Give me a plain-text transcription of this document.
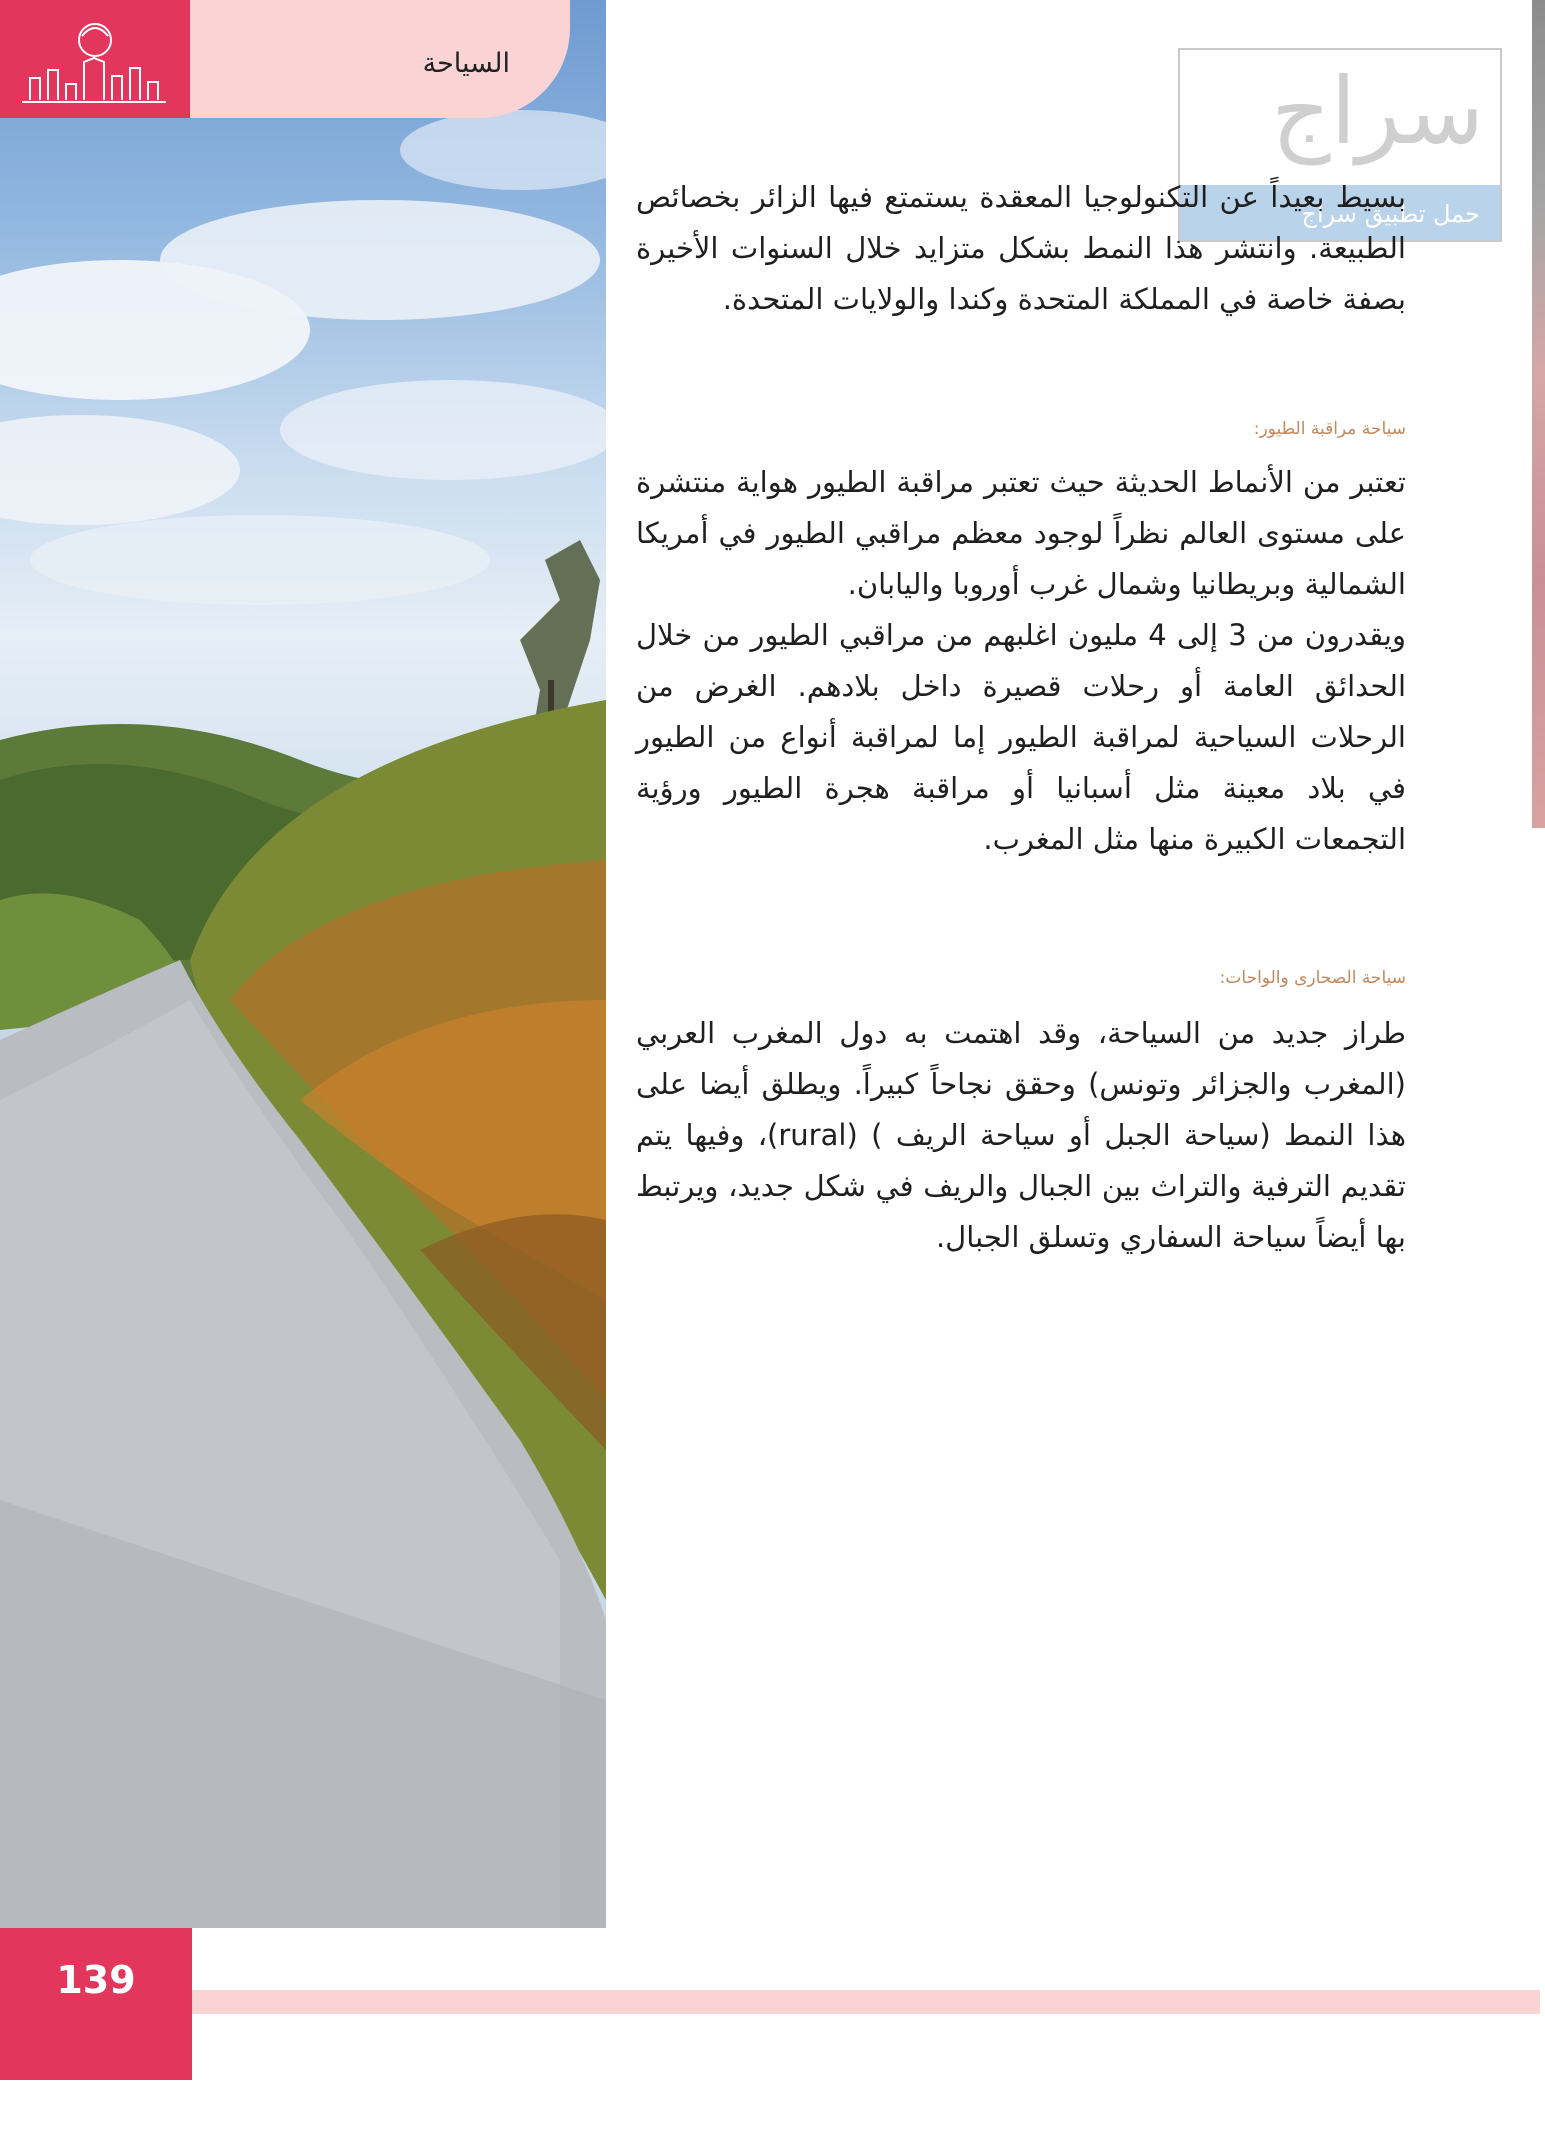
السياحة	سراج
حمل تطبيق سراج

بسيط بعيداً عن التكنولوجيا المعقدة يستمتع فيها الزائر بخصائص الطبيعة. وانتشر هذا النمط بشكل متزايد خلال السنوات الأخيرة بصفة خاصة في المملكة المتحدة وكندا والولايات المتحدة.

سياحة مراقبة الطيور:

تعتبر من الأنماط الحديثة حيث تعتبر مراقبة الطيور هواية منتشرة على مستوى العالم نظراً لوجود معظم مراقبي الطيور في أمريكا الشمالية وبريطانيا وشمال غرب أوروبا واليابان.

ويقدرون من 3 إلى 4 مليون اغلبهم من مراقبي الطيور من خلال الحدائق العامة أو رحلات قصيرة داخل بلادهم. الغرض من الرحلات السياحية لمراقبة الطيور إما لمراقبة أنواع من الطيور في بلاد معينة مثل أسبانيا أو مراقبة هجرة الطيور ورؤية التجمعات الكبيرة منها مثل المغرب.

سياحة الصحارى والواحات:

طراز جديد من السياحة، وقد اهتمت به دول المغرب العربي (المغرب والجزائر وتونس) وحقق نجاحاً كبيراً. ويطلق أيضا على هذا النمط (سياحة الجبل أو سياحة الريف ) (rural)، وفيها يتم تقديم الترفية والتراث بين الجبال والريف في شكل جديد، ويرتبط بها أيضاً سياحة السفاري وتسلق الجبال.

139
